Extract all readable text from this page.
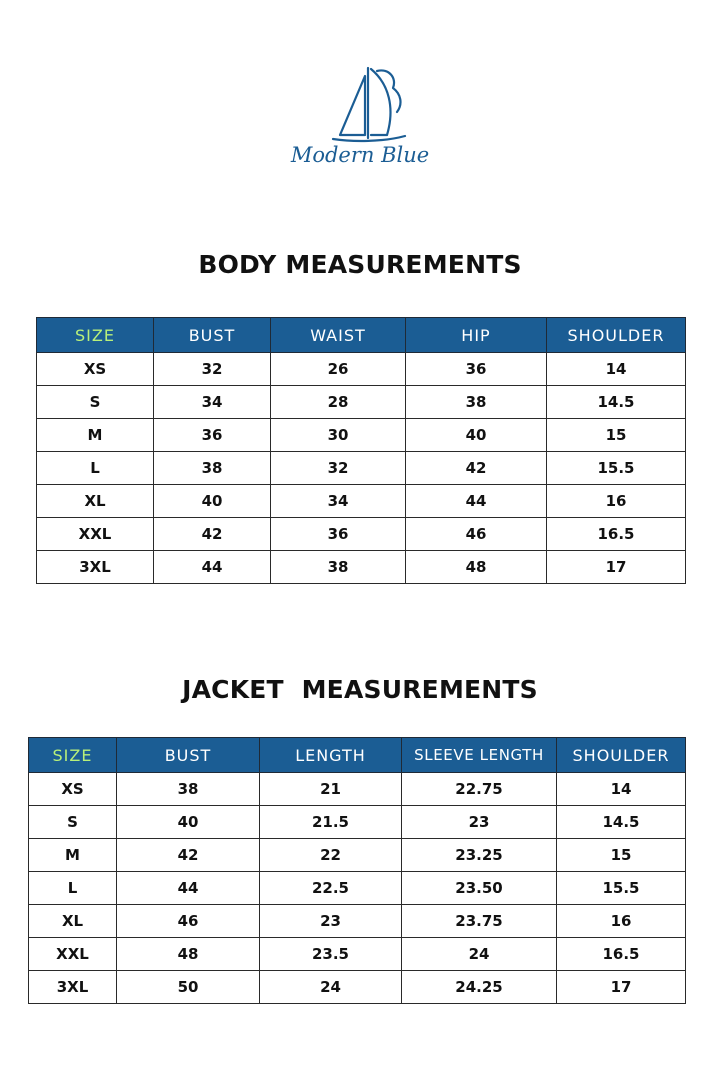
Modern Blue
BODY MEASUREMENTS
SIZE	BUST	WAIST	HIP	SHOULDER
XS	32	26	36	14
S	34	28	38	14.5
M	36	30	40	15
L	38	32	42	15.5
XL	40	34	44	16
XXL	42	36	46	16.5
3XL	44	38	48	17
JACKET  MEASUREMENTS
SIZE	BUST	LENGTH	SLEEVE LENGTH	SHOULDER
XS	38	21	22.75	14
S	40	21.5	23	14.5
M	42	22	23.25	15
L	44	22.5	23.50	15.5
XL	46	23	23.75	16
XXL	48	23.5	24	16.5
3XL	50	24	24.25	17
